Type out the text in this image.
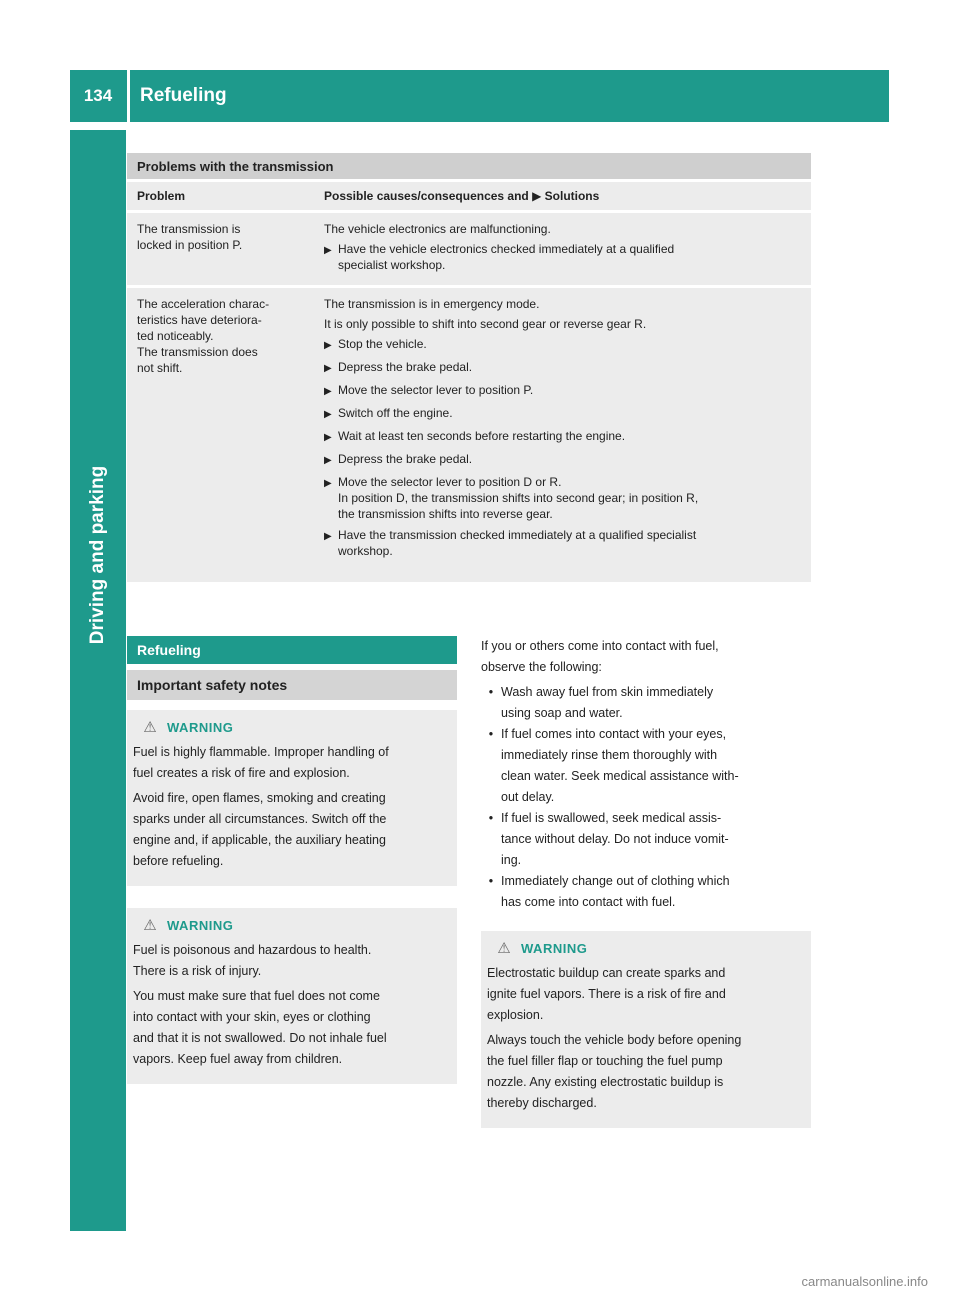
134	Refueling
Driving and parking
Problems with the transmission
Problem	Possible causes/consequences and ▶ Solutions
The transmission is
locked in position P.

The vehicle electronics are malfunctioning.

▶ Have the vehicle electronics checked immediately at a qualified
specialist workshop.
The acceleration charac-
teristics have deteriora-
ted noticeably.
The transmission does
not shift.

The transmission is in emergency mode.

It is only possible to shift into second gear or reverse gear R.

▶ Stop the vehicle.
▶ Depress the brake pedal.
▶ Move the selector lever to position P.
▶ Switch off the engine.
▶ Wait at least ten seconds before restarting the engine.
▶ Depress the brake pedal.
▶ Move the selector lever to position D or R.
In position D, the transmission shifts into second gear; in position R,
the transmission shifts into reverse gear.
▶ Have the transmission checked immediately at a qualified specialist
workshop.
Refueling
Important safety notes
⚠ WARNING

Fuel is highly flammable. Improper handling of
fuel creates a risk of fire and explosion.

Avoid fire, open flames, smoking and creating
sparks under all circumstances. Switch off the
engine and, if applicable, the auxiliary heating
before refueling.

⚠ WARNING

Fuel is poisonous and hazardous to health.
There is a risk of injury.

You must make sure that fuel does not come
into contact with your skin, eyes or clothing
and that it is not swallowed. Do not inhale fuel
vapors. Keep fuel away from children.

If you or others come into contact with fuel,
observe the following:

• Wash away fuel from skin immediately
using soap and water.
• If fuel comes into contact with your eyes,
immediately rinse them thoroughly with
clean water. Seek medical assistance with-
out delay.
• If fuel is swallowed, seek medical assis-
tance without delay. Do not induce vomit-
ing.
• Immediately change out of clothing which
has come into contact with fuel.
⚠ WARNING

Electrostatic buildup can create sparks and
ignite fuel vapors. There is a risk of fire and
explosion.

Always touch the vehicle body before opening
the fuel filler flap or touching the fuel pump
nozzle. Any existing electrostatic buildup is
thereby discharged.

carmanualsonline.info
